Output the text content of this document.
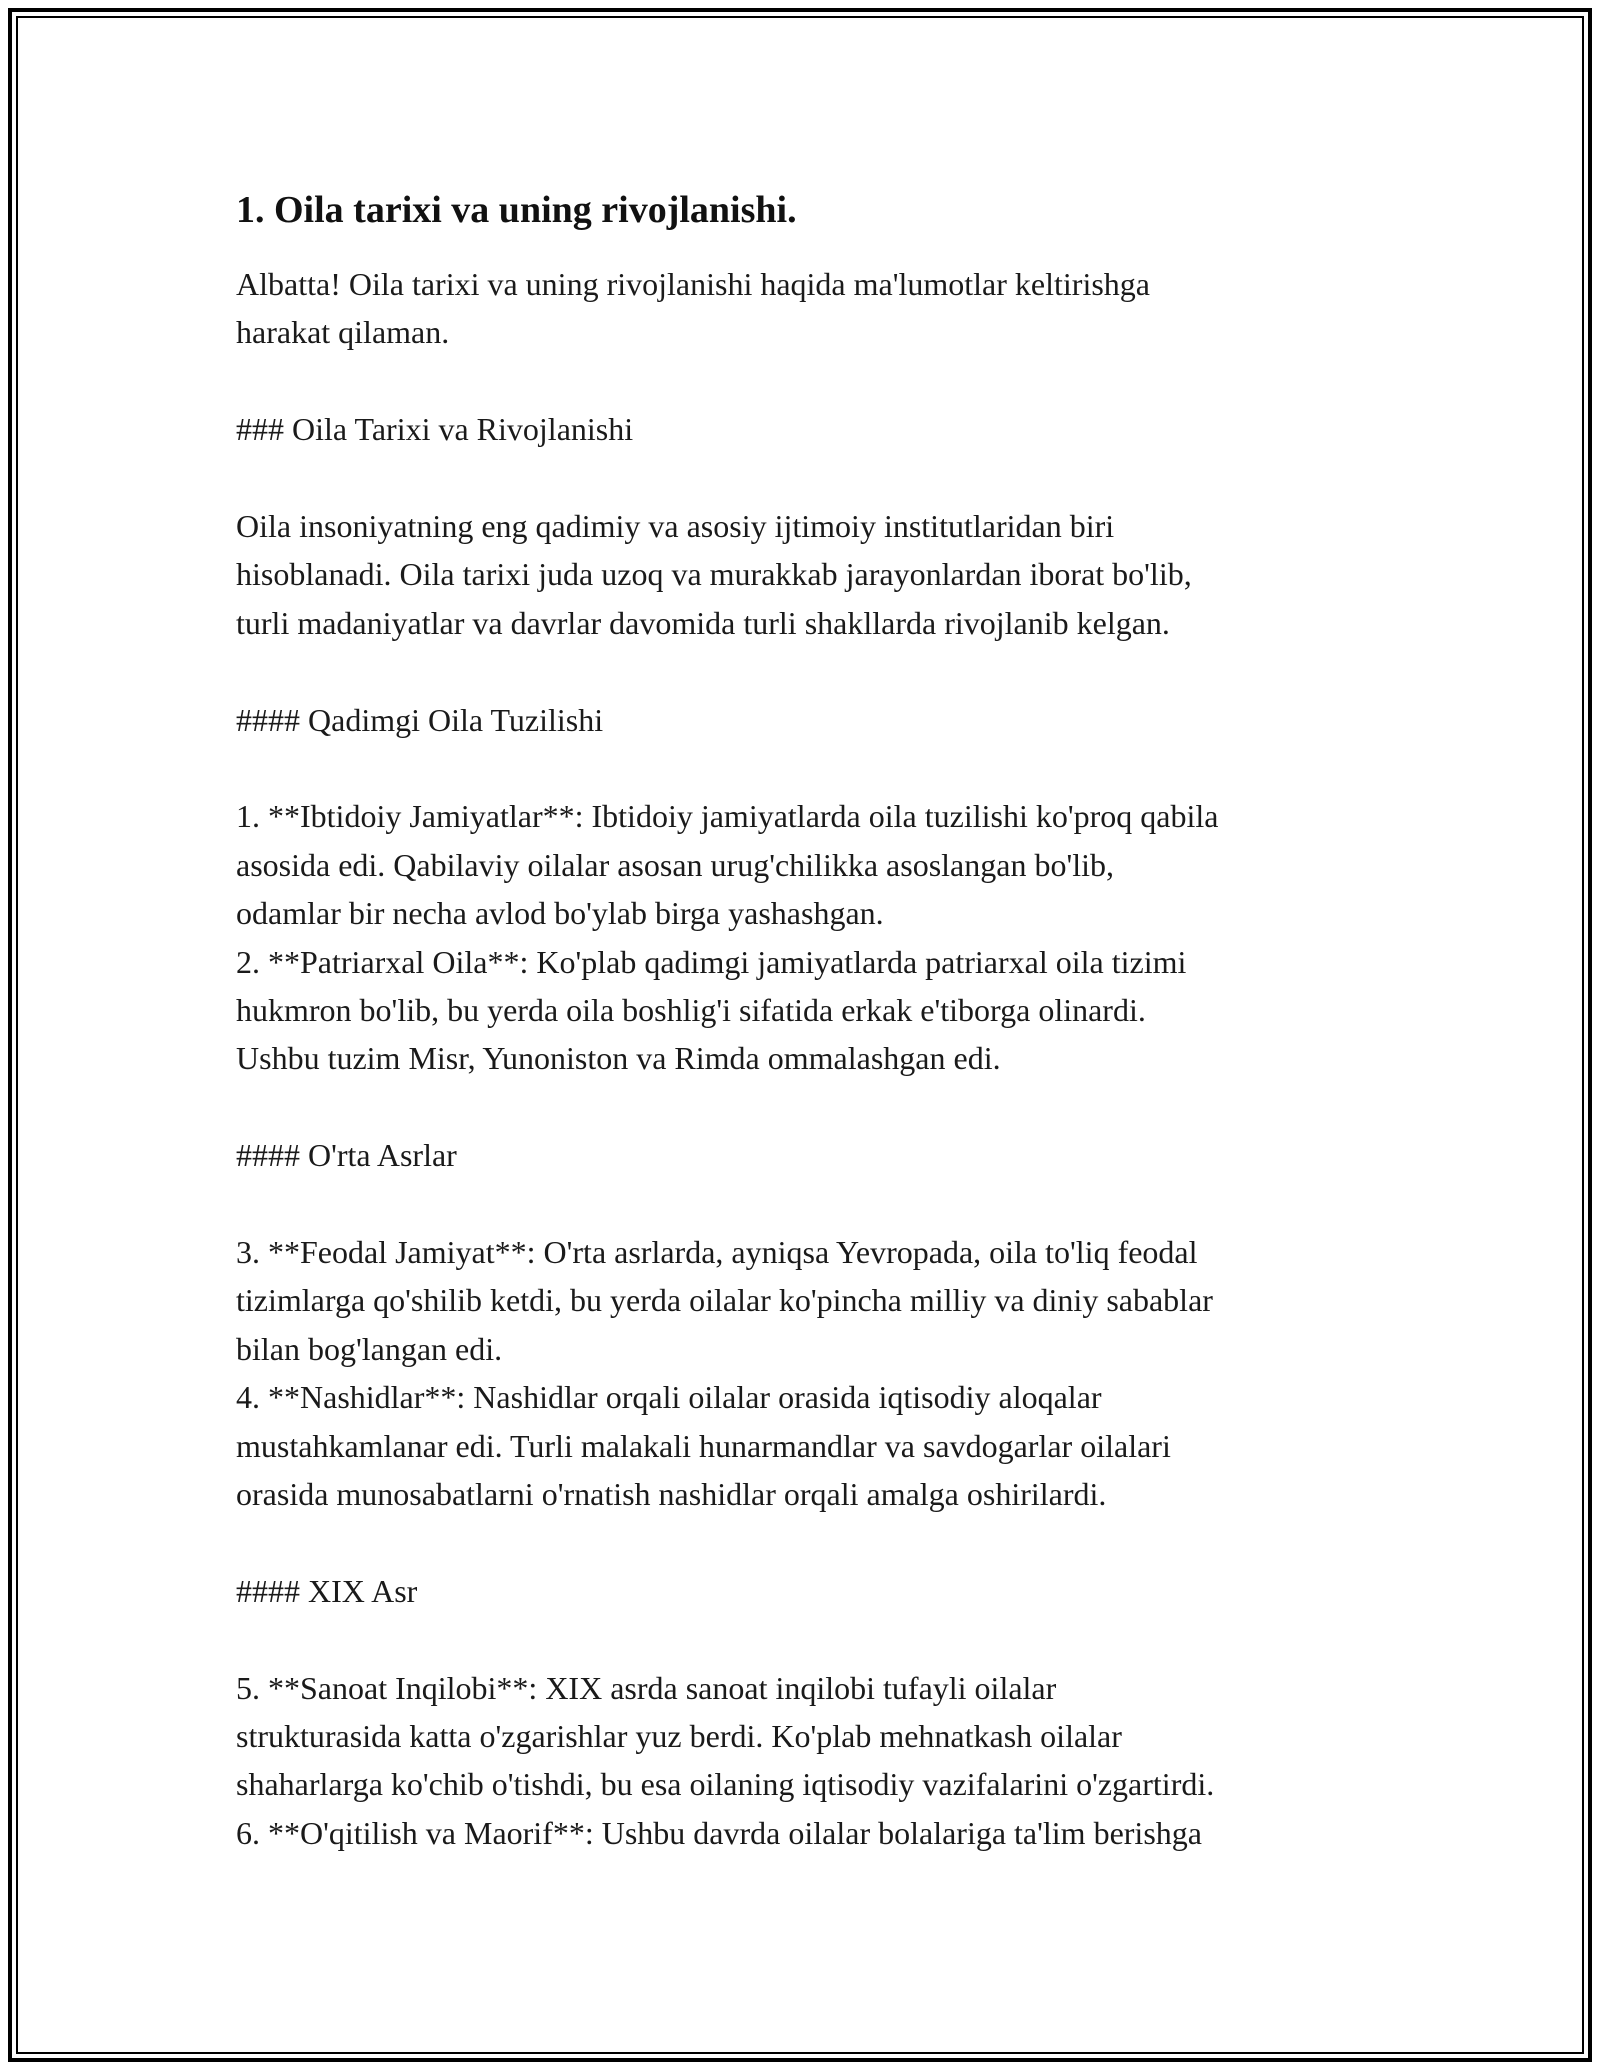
1. Oila tarixi va uning rivojlanishi.
Albatta! Oila tarixi va uning rivojlanishi haqida ma'lumotlar keltirishga
harakat qilaman.
### Oila Tarixi va Rivojlanishi
Oila insoniyatning eng qadimiy va asosiy ijtimoiy institutlaridan biri
hisoblanadi. Oila tarixi juda uzoq va murakkab jarayonlardan iborat bo'lib,
turli madaniyatlar va davrlar davomida turli shakllarda rivojlanib kelgan.
#### Qadimgi Oila Tuzilishi
1. **Ibtidoiy Jamiyatlar**: Ibtidoiy jamiyatlarda oila tuzilishi ko'proq qabila
asosida edi. Qabilaviy oilalar asosan urug'chilikka asoslangan bo'lib,
odamlar bir necha avlod bo'ylab birga yashashgan.
2. **Patriarxal Oila**: Ko'plab qadimgi jamiyatlarda patriarxal oila tizimi
hukmron bo'lib, bu yerda oila boshlig'i sifatida erkak e'tiborga olinardi.
Ushbu tuzim Misr, Yunoniston va Rimda ommalashgan edi.
#### O'rta Asrlar
3. **Feodal Jamiyat**: O'rta asrlarda, ayniqsa Yevropada, oila to'liq feodal
tizimlarga qo'shilib ketdi, bu yerda oilalar ko'pincha milliy va diniy sabablar
bilan bog'langan edi.
4. **Nashidlar**: Nashidlar orqali oilalar orasida iqtisodiy aloqalar
mustahkamlanar edi. Turli malakali hunarmandlar va savdogarlar oilalari
orasida munosabatlarni o'rnatish nashidlar orqali amalga oshirilardi.
#### XIX Asr
5. **Sanoat Inqilobi**: XIX asrda sanoat inqilobi tufayli oilalar
strukturasida katta o'zgarishlar yuz berdi. Ko'plab mehnatkash oilalar
shaharlarga ko'chib o'tishdi, bu esa oilaning iqtisodiy vazifalarini o'zgartirdi.
6. **O'qitilish va Maorif**: Ushbu davrda oilalar bolalariga ta'lim berishga
